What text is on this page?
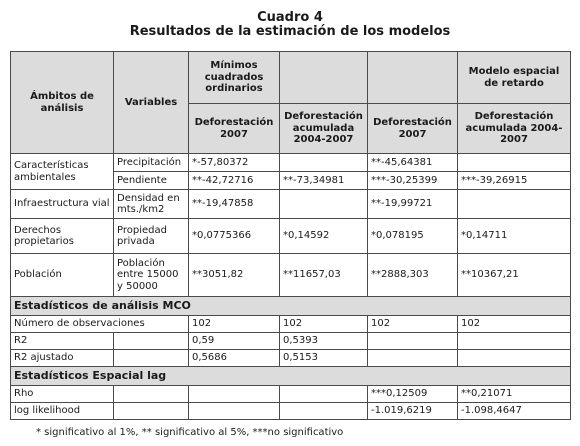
Cuadro 4
Resultados de la estimación de los modelos
Ámbitos de análisis	Variables	Mínimos cuadrados ordinarios			Modelo espacial de retardo
		Deforestación 2007	Deforestación acumulada 2004-2007	Deforestación 2007	Deforestación acumulada 2004-2007
Características ambientales	Precipitación	*-57,80372		**-45,64381	
	Pendiente	**-42,72716	**-73,34981	***-30,25399	***-39,26915
Infraestructura vial	Densidad en mts./km2	**-19,47858		**-19,99721	
Derechos propietarios	Propiedad privada	*0,0775366	*0,14592	*0,078195	*0,14711
Población	Población entre 15000 y 50000	**3051,82	**11657,03	**2888,303	**10367,21
Estadísticos de análisis MCO					
Número de observaciones		102	102	102	102
R2		0,59	0,5393		
R2 ajustado		0,5686	0,5153		
Estadísticos Espacial lag					
Rho				***0,12509	**0,21071
log likelihood				-1.019,6219	-1.098,4647
* significativo al 1%, ** significativo al 5%, ***no significativo
